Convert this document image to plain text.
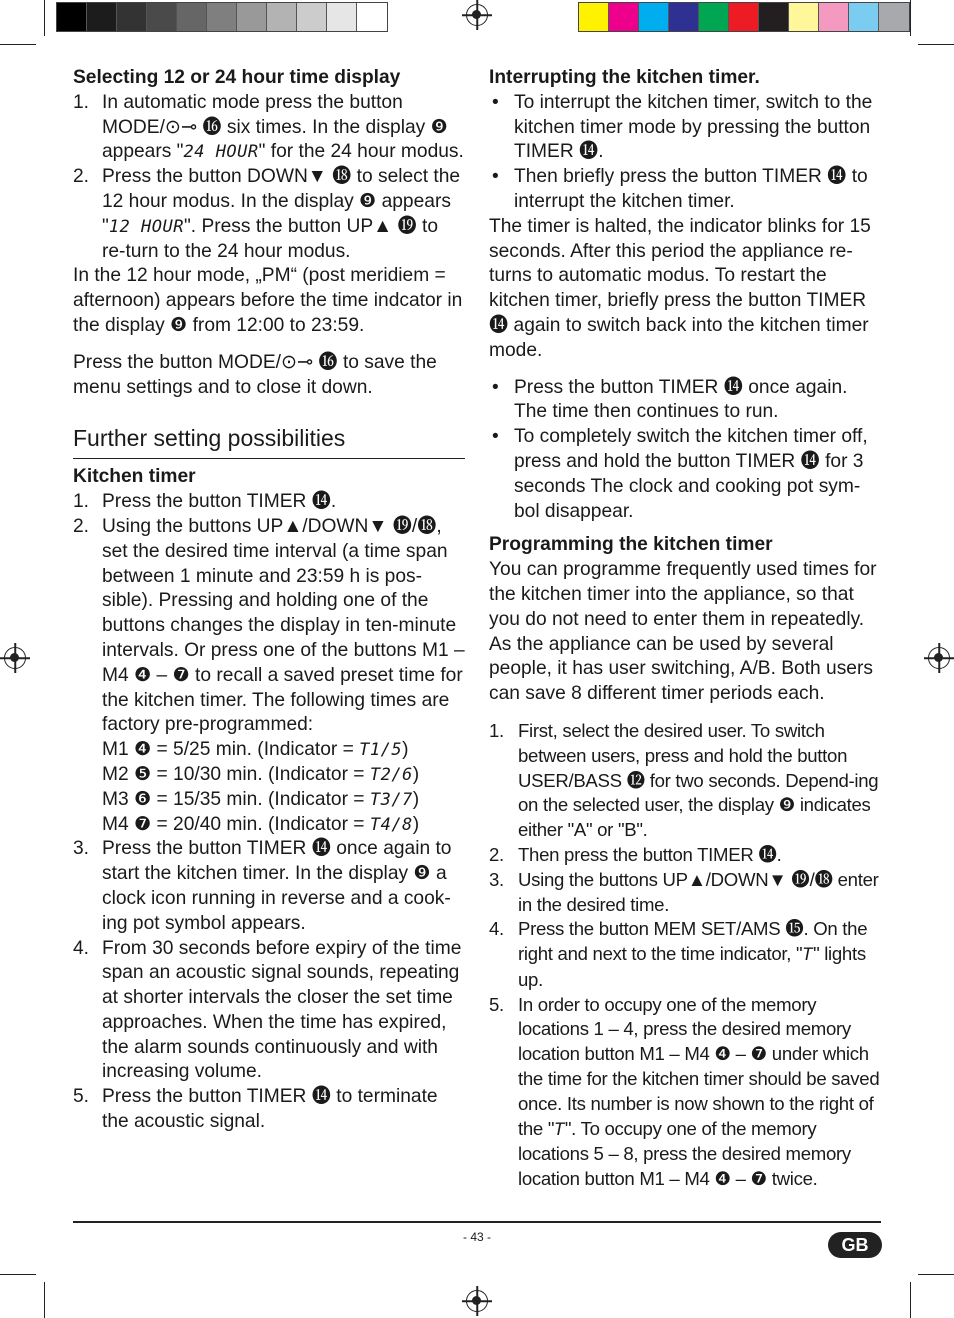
Selecting 12 or 24 hour time display
1. In automatic mode press the button MODE/⊙⊸ ⓰ six times. In the display ❾ appears "24 HOUR" for the 24 hour modus.
2. Press the button DOWN▼ ⓲ to select the 12 hour modus. In the display ❾ appears "12 HOUR". Press the button UP▲ ⓳ to re-turn to the 24 hour modus.

In the 12 hour mode, „PM“ (post meridiem = afternoon) appears before the time indcator in the display ❾ from 12:00 to 23:59.

Press the button MODE/⊙⊸ ⓰ to save the menu settings and to close it down.

Further setting possibilities
Kitchen timer
1. Press the button TIMER ⓮.
2. Using the buttons UP▲/DOWN▼ ⓳/⓲, set the desired time interval (a time span between 1 minute and 23:59 h is pos-sible). Pressing and holding one of the buttons changes the display in ten-minute intervals. Or press one of the buttons M1 – M4 ❹ – ❼ to recall a saved preset time for the kitchen timer. The following times are factory pre-programmed:
M1 ❹ = 5/25 min. (Indicator = T1/5)
M2 ❺ = 10/30 min. (Indicator = T2/6)
M3 ❻ = 15/35 min. (Indicator = T3/7)
M4 ❼ = 20/40 min. (Indicator = T4/8)
3. Press the button TIMER ⓮ once again to start the kitchen timer. In the display ❾ a clock icon running in reverse and a cook-ing pot symbol appears.
4. From 30 seconds before expiry of the time span an acoustic signal sounds, repeating at shorter intervals the closer the set time approaches. When the time has expired, the alarm sounds continuously and with increasing volume.
5. Press the button TIMER ⓮ to terminate the acoustic signal.
Interrupting the kitchen timer.
• To interrupt the kitchen timer, switch to the kitchen timer mode by pressing the button TIMER ⓮.
• Then briefly press the button TIMER ⓮ to interrupt the kitchen timer.

The timer is halted, the indicator blinks for 15 seconds. After this period the appliance re-turns to automatic modus. To restart the kitchen timer, briefly press the button TIMER ⓮ again to switch back into the kitchen timer mode.

• Press the button TIMER ⓮ once again. The time then continues to run.
• To completely switch the kitchen timer off, press and hold the button TIMER ⓮ for 3 seconds The clock and cooking pot sym-bol disappear.
Programming the kitchen timer

You can programme frequently used times for the kitchen timer into the appliance, so that you do not need to enter them in repeatedly. As the appliance can be used by several people, it has user switching, A/B. Both users can save 8 different timer periods each.

1. First, select the desired user. To switch between users, press and hold the button USER/BASS ⓬ for two seconds. Depend-ing on the selected user, the display ❾ indicates either "A" or "B".
2. Then press the button TIMER ⓮.
3. Using the buttons UP▲/DOWN▼ ⓳/⓲ enter in the desired time.
4. Press the button MEM SET/AMS ⓯. On the right and next to the time indicator, "T" lights up.
5. In order to occupy one of the memory locations 1 – 4, press the desired memory location button M1 – M4 ❹ – ❼ under which the time for the kitchen timer should be saved once. Its number is now shown to the right of the "T". To occupy one of the memory locations 5 – 8, press the desired memory location button M1 – M4 ❹ – ❼ twice.
- 43 -	GB
